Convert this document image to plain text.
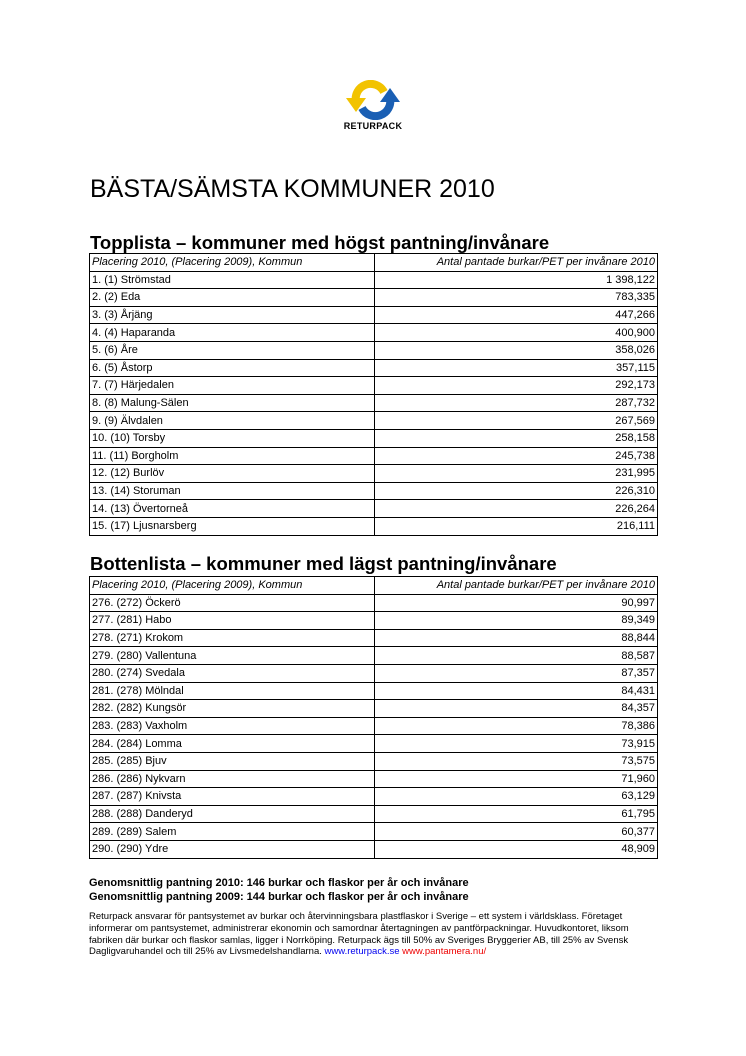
RETURPACK
BÄSTA/SÄMSTA KOMMUNER 2010
Topplista – kommuner med högst pantning/invånare
Placering 2010, (Placering 2009), Kommun	Antal pantade burkar/PET per invånare 2010
1. (1) Strömstad	1 398,122
2. (2) Eda	783,335
3. (3) Årjäng	447,266
4. (4) Haparanda	400,900
5. (6) Åre	358,026
6. (5) Åstorp	357,115
7. (7) Härjedalen	292,173
8. (8) Malung-Sälen	287,732
9. (9) Älvdalen	267,569
10. (10) Torsby	258,158
11. (11) Borgholm	245,738
12. (12) Burlöv	231,995
13. (14) Storuman	226,310
14. (13) Övertorneå	226,264
15. (17) Ljusnarsberg	216,111
Bottenlista – kommuner med lägst pantning/invånare
Placering 2010, (Placering 2009), Kommun	Antal pantade burkar/PET per invånare 2010
276. (272) Öckerö	90,997
277. (281) Habo	89,349
278. (271) Krokom	88,844
279. (280) Vallentuna	88,587
280. (274) Svedala	87,357
281. (278) Mölndal	84,431
282. (282) Kungsör	84,357
283. (283) Vaxholm	78,386
284. (284) Lomma	73,915
285. (285) Bjuv	73,575
286. (286) Nykvarn	71,960
287. (287) Knivsta	63,129
288. (288) Danderyd	61,795
289. (289) Salem	60,377
290. (290) Ydre	48,909
Genomsnittlig pantning 2010: 146 burkar och flaskor per år och invånare
Genomsnittlig pantning 2009: 144 burkar och flaskor per år och invånare
Returpack ansvarar för pantsystemet av burkar och återvinningsbara plastflaskor i Sverige – ett system i världsklass. Företaget informerar om pantsystemet, administrerar ekonomin och samordnar återtagningen av pantförpackningar. Huvudkontoret, liksom fabriken där burkar och flaskor samlas, ligger i Norrköping. Returpack ägs till 50% av Sveriges Bryggerier AB, till 25% av Svensk Dagligvaruhandel och till 25% av Livsmedelshandlarna. www.returpack.se www.pantamera.nu/
